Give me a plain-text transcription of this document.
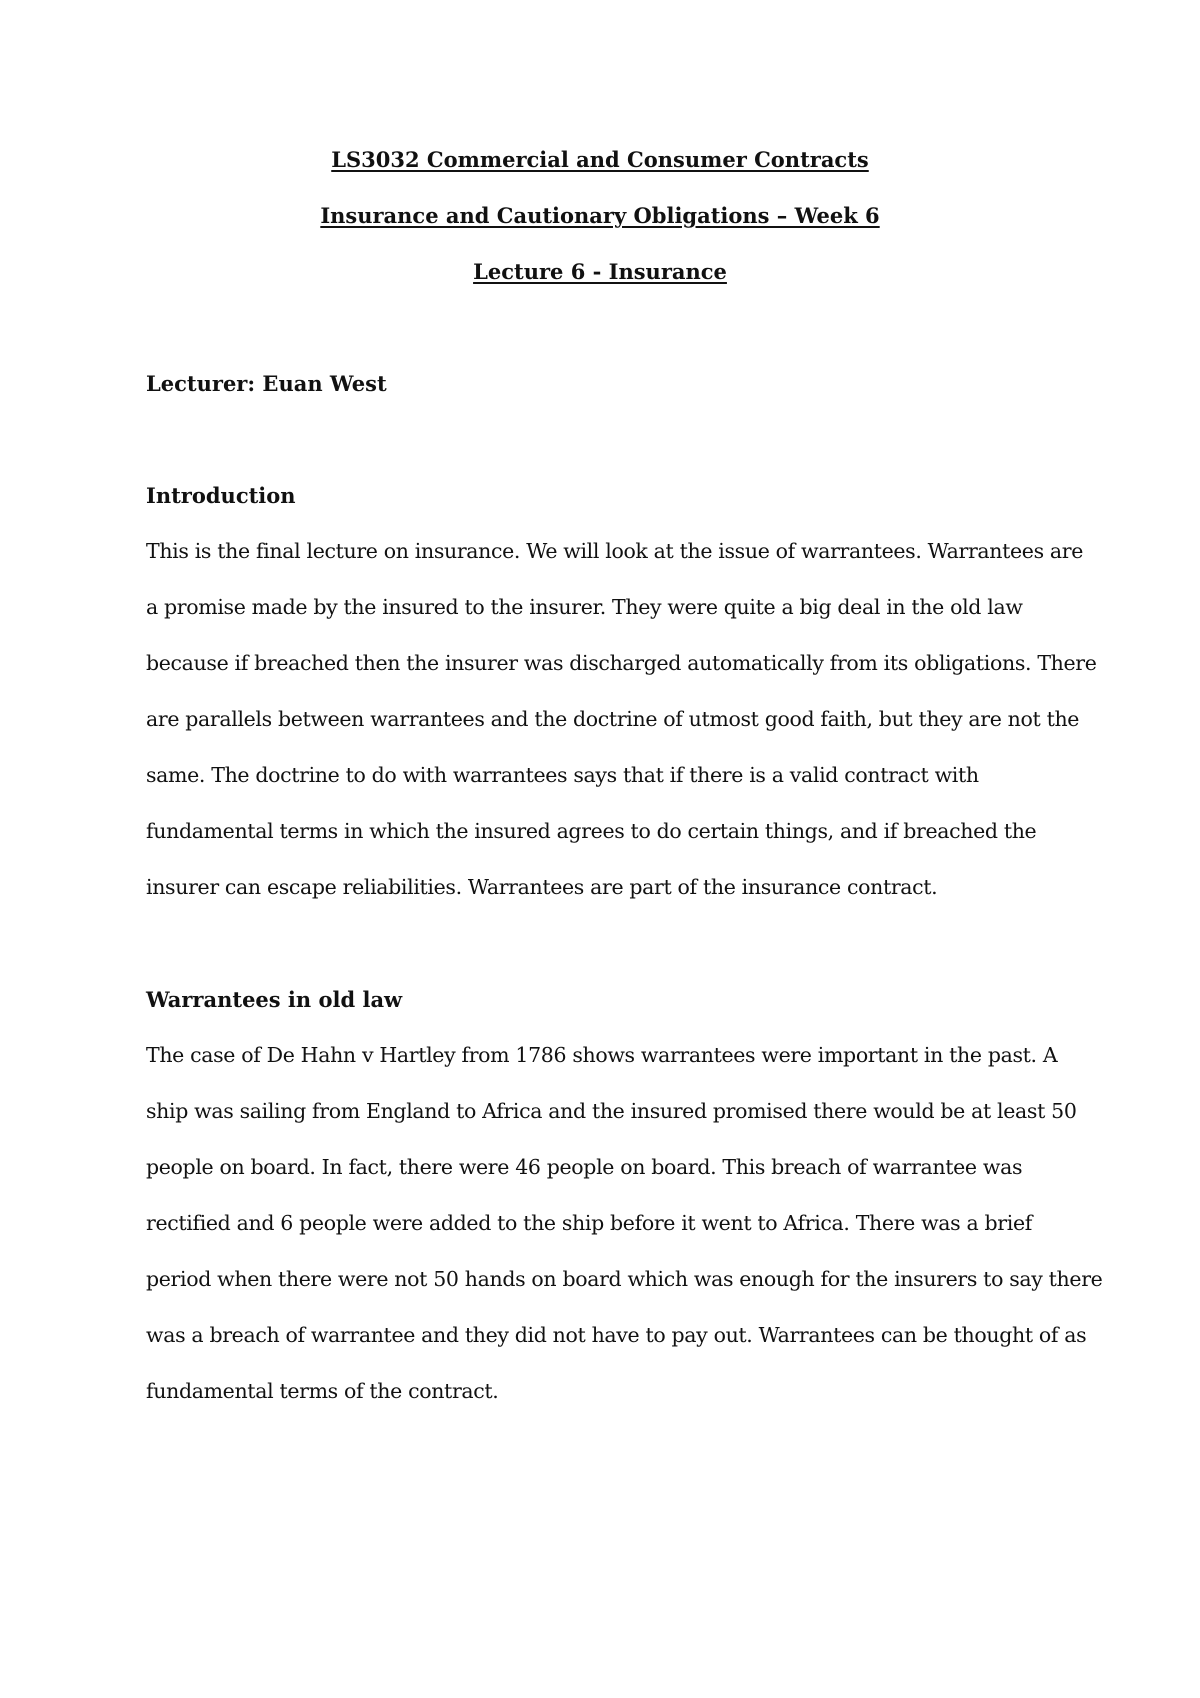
LS3032 Commercial and Consumer Contracts
Insurance and Cautionary Obligations – Week 6
Lecture 6 - Insurance
Lecturer: Euan West
Introduction
This is the final lecture on insurance. We will look at the issue of warrantees. Warrantees are
a promise made by the insured to the insurer. They were quite a big deal in the old law
because if breached then the insurer was discharged automatically from its obligations. There
are parallels between warrantees and the doctrine of utmost good faith, but they are not the
same. The doctrine to do with warrantees says that if there is a valid contract with
fundamental terms in which the insured agrees to do certain things, and if breached the
insurer can escape reliabilities. Warrantees are part of the insurance contract.
Warrantees in old law
The case of De Hahn v Hartley from 1786 shows warrantees were important in the past. A
ship was sailing from England to Africa and the insured promised there would be at least 50
people on board. In fact, there were 46 people on board. This breach of warrantee was
rectified and 6 people were added to the ship before it went to Africa. There was a brief
period when there were not 50 hands on board which was enough for the insurers to say there
was a breach of warrantee and they did not have to pay out. Warrantees can be thought of as
fundamental terms of the contract.
